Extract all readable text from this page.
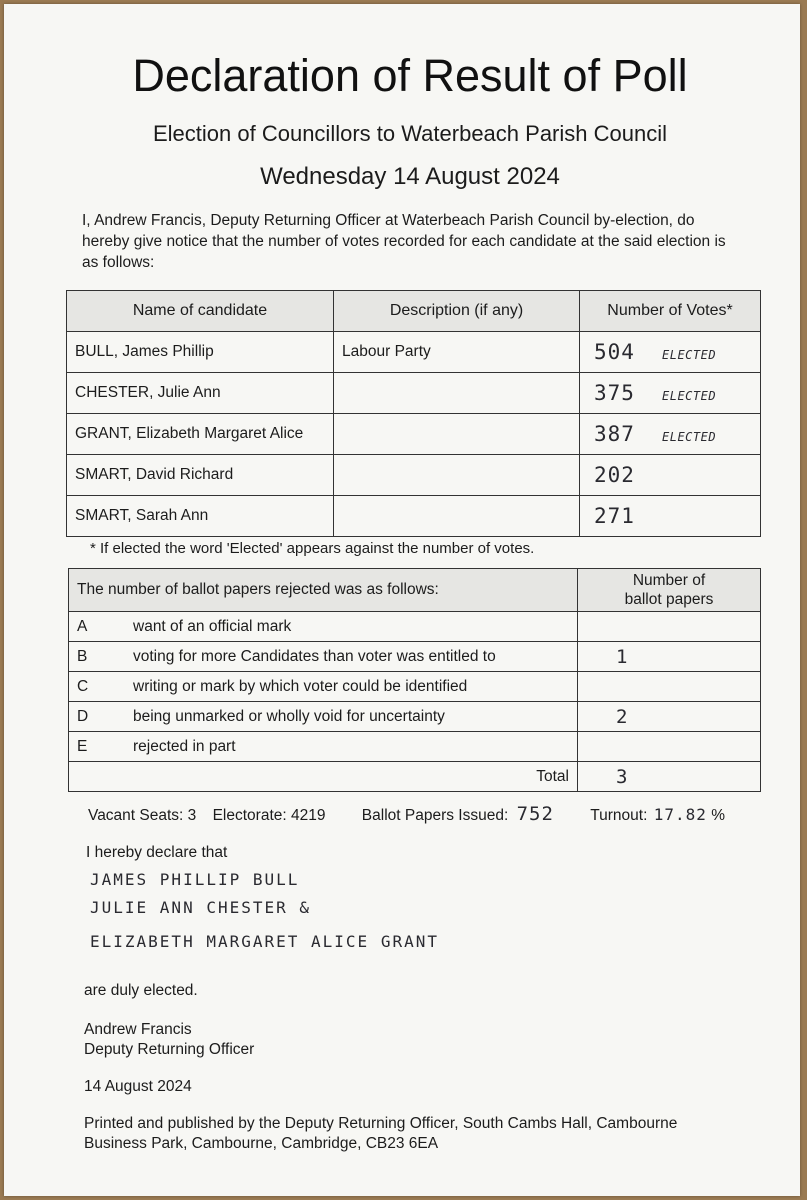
Declaration of Result of Poll
Election of Councillors to Waterbeach Parish Council
Wednesday 14 August 2024
I, Andrew Francis, Deputy Returning Officer at Waterbeach Parish Council by-election, do hereby give notice that the number of votes recorded for each candidate at the said election is as follows:
Name of candidate	Description (if any)	Number of Votes*
BULL, James Phillip	Labour Party	504 ELECTED
CHESTER, Julie Ann		375 ELECTED
GRANT, Elizabeth Margaret Alice		387 ELECTED
SMART, David Richard		202
SMART, Sarah Ann		271
* If elected the word 'Elected' appears against the number of votes.
The number of ballot papers rejected was as follows:		Number of
ballot papers

A	want of an official mark	
B	voting for more Candidates than voter was entitled to	1
C	writing or mark by which voter could be identified	
D	being unmarked or wholly void for uncertainty	2
E	rejected in part	
Total		3
Vacant Seats: 3 Electorate: 4219 Ballot Papers Issued: 752 Turnout: 17.82 %
I hereby declare that
JAMES PHILLIP BULL
JULIE ANN CHESTER &
ELIZABETH MARGARET ALICE GRANT
are duly elected.
Andrew Francis
Deputy Returning Officer
14 August 2024
Printed and published by the Deputy Returning Officer, South Cambs Hall, Cambourne Business Park, Cambourne, Cambridge, CB23 6EA
